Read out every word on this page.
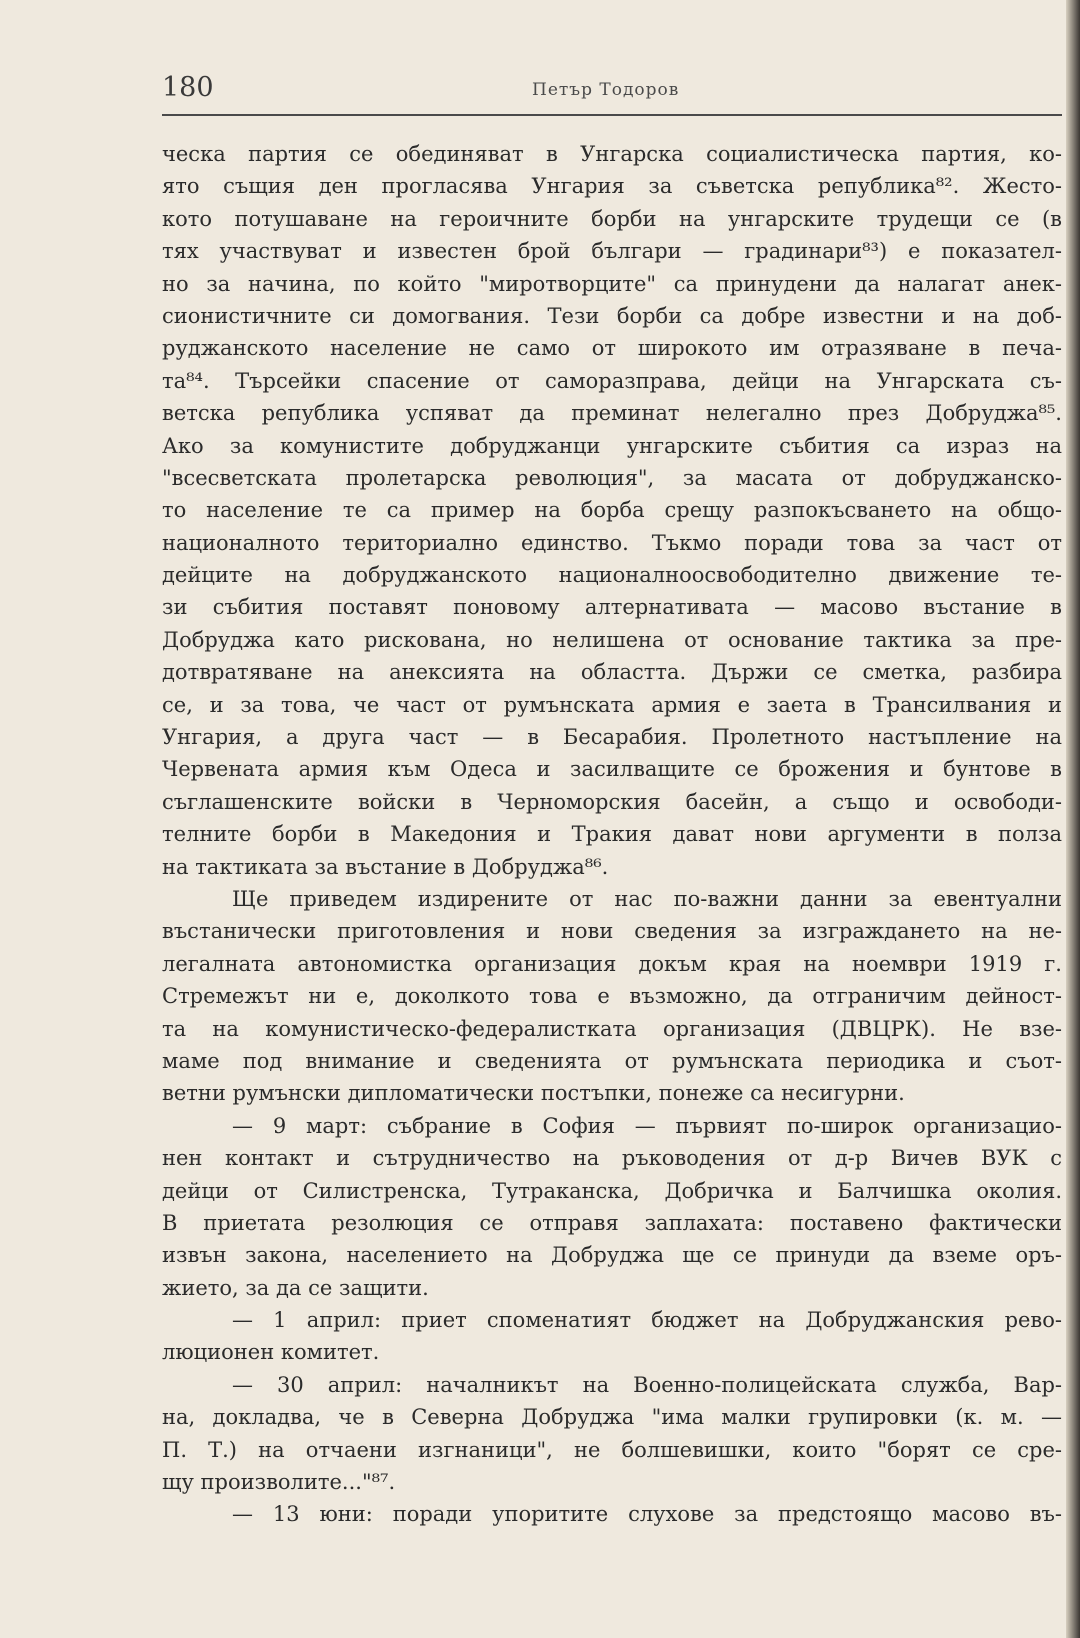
180	Петър Тодоров
ческа партия се обединяват в Унгарска социалистическа партия, ко-
ято същия ден прогласява Унгария за съветска република⁸². Жесто-
кото потушаване на героичните борби на унгарските трудещи се (в
тях участвуват и известен брой българи — градинари⁸³) е показател-
но за начина, по който "миротворците" са принудени да налагат анек-
сионистичните си домогвания. Тези борби са добре известни и на доб-
руджанското население не само от широкото им отразяване в печа-
та⁸⁴. Търсейки спасение от саморазправа, дейци на Унгарската съ-
ветска република успяват да преминат нелегално през Добруджа⁸⁵.
Ако за комунистите добруджанци унгарските събития са израз на
"всесветската пролетарска революция", за масата от добруджанско-
то население те са пример на борба срещу разпокъсването на общо-
националното териториално единство. Тъкмо поради това за част от
дейците на добруджанското националноосвободително движение те-
зи събития поставят поновому алтернативата — масово въстание в
Добруджа като рискована, но нелишена от основание тактика за пре-
дотвратяване на анексията на областта. Държи се сметка, разбира
се, и за това, че част от румънската армия е заета в Трансилвания и
Унгария, а друга част — в Бесарабия. Пролетното настъпление на
Червената армия към Одеса и засилващите се брожения и бунтове в
съглашенските войски в Черноморския басейн, а също и освободи-
телните борби в Македония и Тракия дават нови аргументи в полза
на тактиката за въстание в Добруджа⁸⁶.
Ще приведем издирените от нас по-важни данни за евентуални
въстанически приготовления и нови сведения за изграждането на не-
легалната автономистка организация докъм края на ноември 1919 г.
Стремежът ни е, доколкото това е възможно, да отграничим дейност-
та на комунистическо-федералистката организация (ДВЦРК). Не взе-
маме под вниманиe и сведенията от румънската периодика и съот-
ветни румънски дипломатически постъпки, понеже са несигурни.
— 9 март: събрание в София — първият по-широк организацио-
нен контакт и сътрудничество на ръководения от д-р Вичев ВУК с
дейци от Силистренска, Тутраканска, Добричка и Балчишка околия.
В приетата резолюция се отправя заплахата: поставено фактически
извън закона, населението на Добруджа ще се принуди да вземе оръ-
жието, за да се защити.
— 1 април: приет споменатият бюджет на Добруджанския рево-
люционен комитет.
— 30 април: началникът на Военно-полицейската служба, Вар-
на, докладва, че в Северна Добруджа "има малки групировки (к. м. —
П. Т.) на отчаени изгнаници", не болшевишки, които "борят се сре-
щу произволите..."⁸⁷.
— 13 юни: поради упоритите слухове за предстоящо масово въ-
